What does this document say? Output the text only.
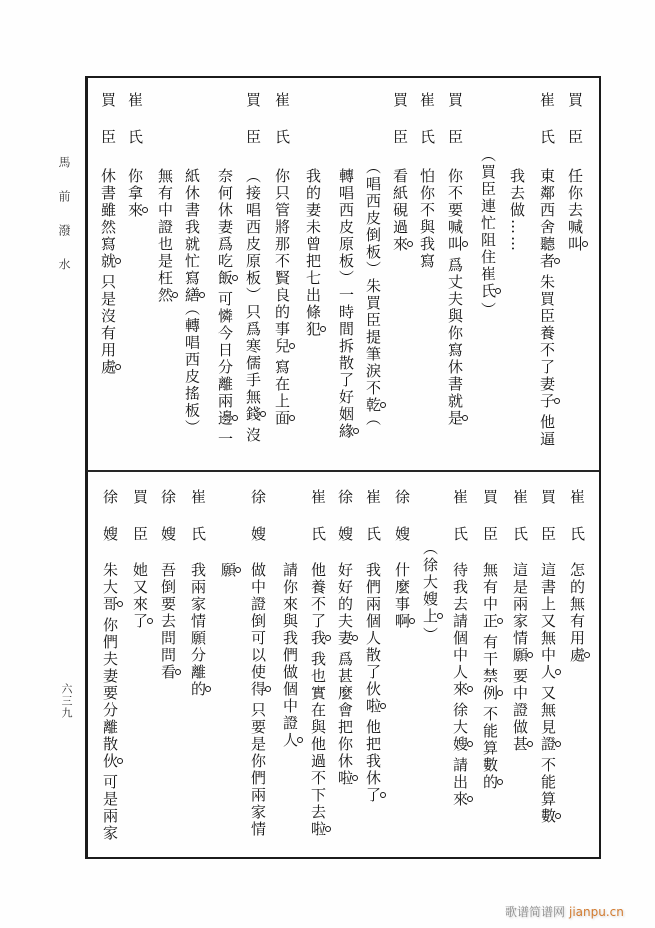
馬前潑水
六三九
買臣
任你去喊叫
崔氏
東鄰西舍聽者朱買臣養不了妻子他逼
我去做……
（買臣連忙阻住崔氏）
買臣
你不要喊叫爲丈夫與你寫休書就是
崔氏
怕你不與我寫
買臣
看紙硯過來
（唱西皮倒板）朱買臣提筆淚不乾（
轉唱西皮原板）一時間拆散了好姻緣
我的妻未曾把七出條犯
崔氏
你只管將那不賢良的事兒寫在上面
買臣
（接唱西皮原板）只爲寒儒手無錢沒
奈何休妻爲吃飯可憐今日分離兩邊一
紙休書我就忙寫繕（轉唱西皮搖板）
無有中證也是枉然
崔氏
你拿來
買臣
休書雖然寫就只是沒有用處
崔氏
怎的無有用處
買臣
這書上又無中人又無見證不能算數
崔氏
這是兩家情願要中證做甚
買臣
無有中正有干禁例不能算數的
崔氏
待我去請個中人來徐大嫂請出來
（徐大嫂上）
徐嫂
什麼事啊
崔氏
我們兩個人散了伙啦他把我休了
徐嫂
好好的夫妻爲甚麼會把你休啦
崔氏
他養不了我我也實在與他過不下去啦
請你來與我們做個中證人
徐嫂
做中證倒可以使得只要是你們兩家情
願
崔氏
我兩家情願分離的
徐嫂
吾倒要去問問看
買臣
她又來了
徐嫂
朱大哥你們夫妻要分離散伙可是兩家
歌谱简谱网 jianpu.cn
